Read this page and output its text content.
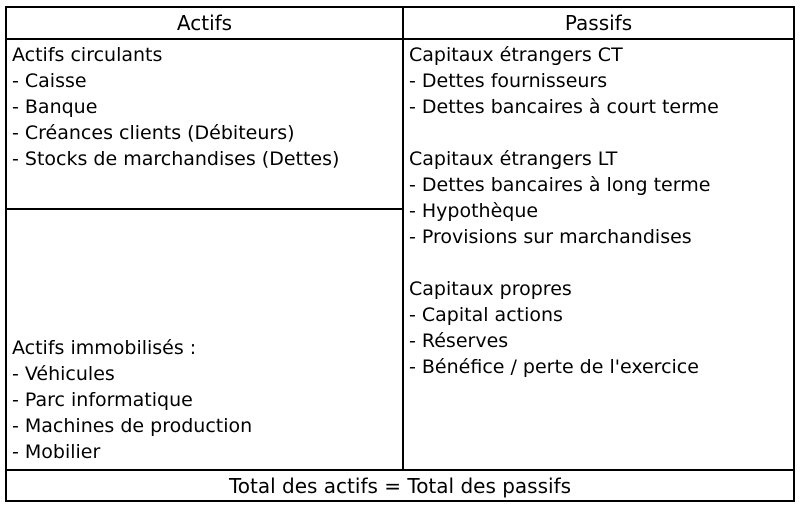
Actifs	Passifs
Actifs circulants
- Caisse
- Banque
- Créances clients (Débiteurs)
- Stocks de marchandises (Dettes)
Capitaux étrangers CT
- Dettes fournisseurs
- Dettes bancaires à court terme
Capitaux étrangers LT
- Dettes bancaires à long terme
- Hypothèque
- Provisions sur marchandises
Capitaux propres
- Capital actions
- Réserves
- Bénéfice / perte de l'exercice
Actifs immobilisés :
- Véhicules
- Parc informatique
- Machines de production
- Mobilier
Total des actifs = Total des passifs
